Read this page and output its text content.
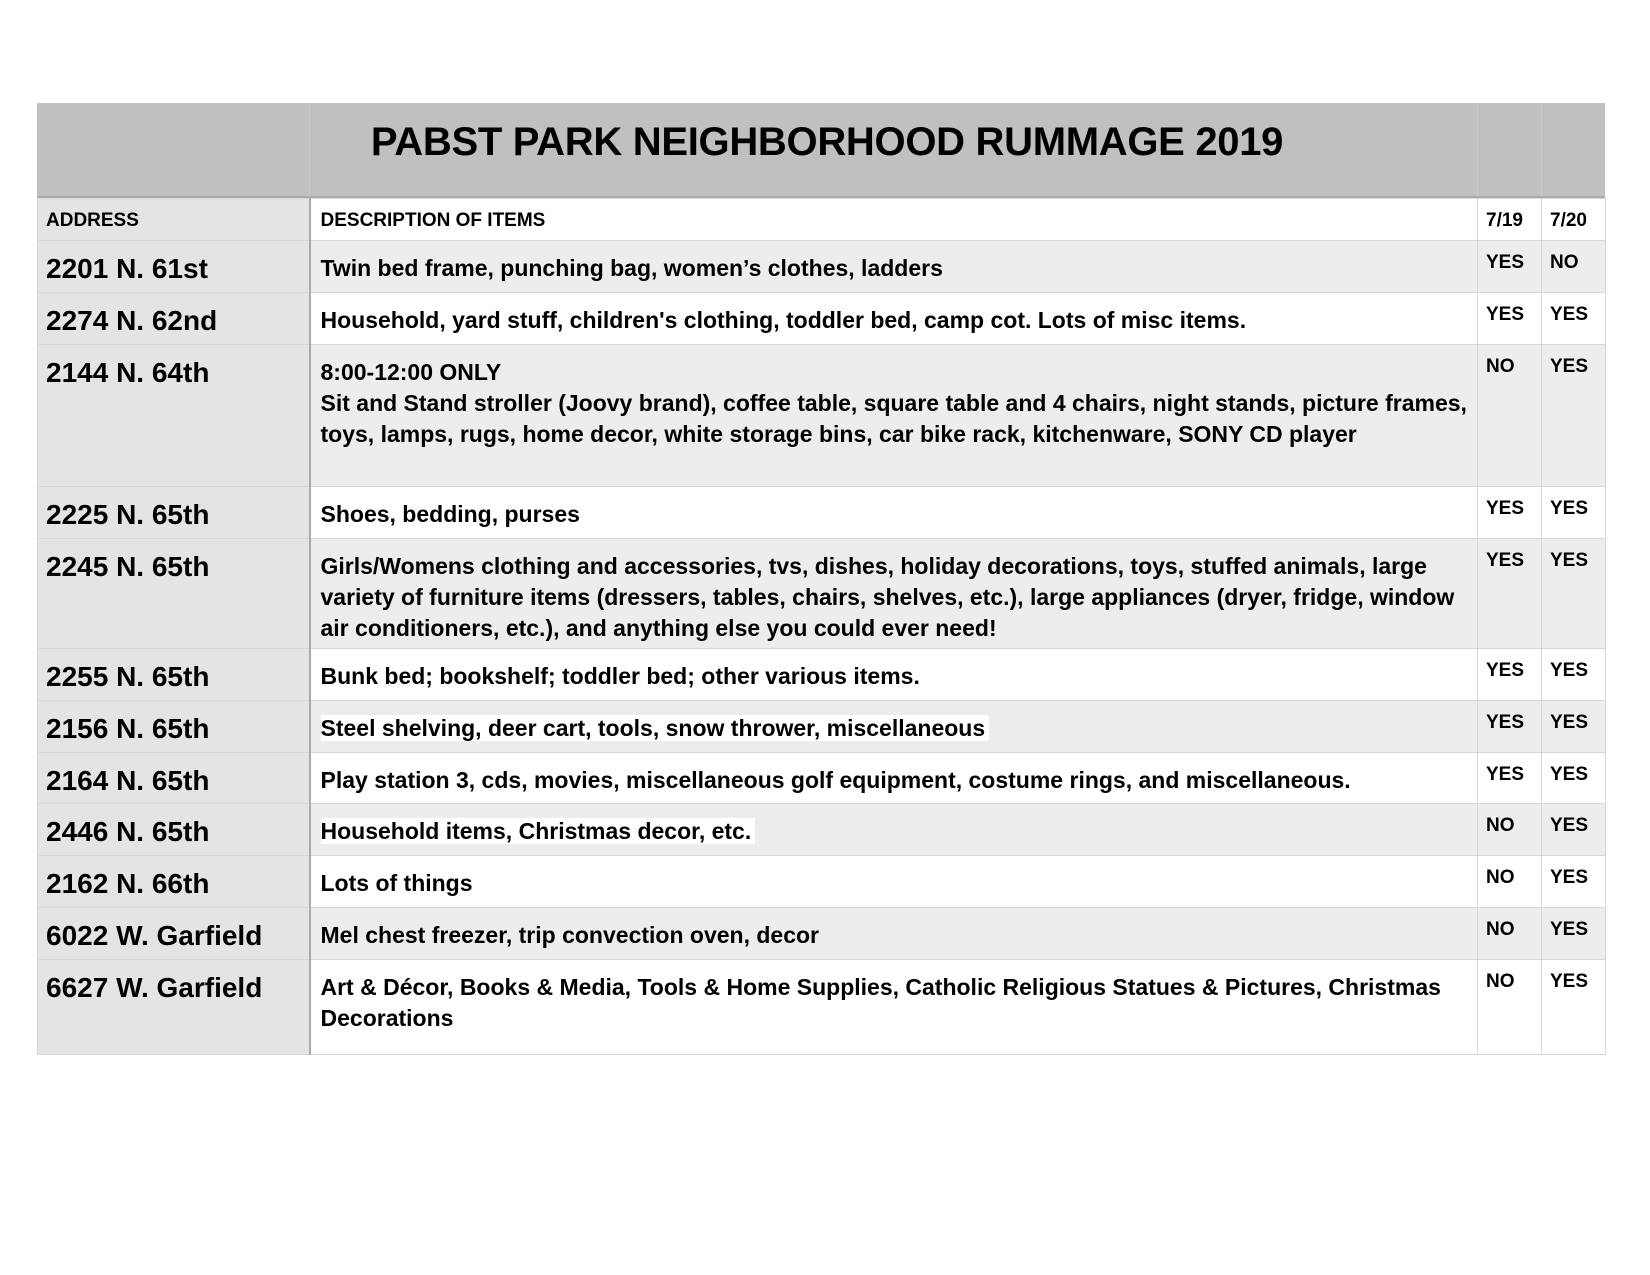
PABST PARK NEIGHBORHOOD RUMMAGE 2019
ADDRESS	DESCRIPTION OF ITEMS	7/19	7/20
2201 N. 61st	Twin bed frame, punching bag, women’s clothes, ladders	YES	NO
2274 N. 62nd	Household, yard stuff, children's clothing, toddler bed, camp cot. Lots of misc items.	YES	YES
2144 N. 64th	8:00-12:00 ONLY
Sit and Stand stroller (Joovy brand), coffee table, square table and 4 chairs, night stands, picture frames, toys, lamps, rugs, home decor, white storage bins, car bike rack, kitchenware, SONY CD player	NO	YES
2225 N. 65th	Shoes, bedding, purses	YES	YES
2245 N. 65th	Girls/Womens clothing and accessories, tvs, dishes, holiday decorations, toys, stuffed animals, large variety of furniture items (dressers, tables, chairs, shelves, etc.), large appliances (dryer, fridge, window air conditioners, etc.), and anything else you could ever need!	YES	YES
2255 N. 65th	Bunk bed; bookshelf; toddler bed; other various items.	YES	YES
2156 N. 65th	Steel shelving, deer cart, tools, snow thrower, miscellaneous	YES	YES
2164 N. 65th	Play station 3, cds, movies, miscellaneous golf equipment, costume rings, and miscellaneous.	YES	YES
2446 N. 65th	Household items, Christmas decor, etc.	NO	YES
2162 N. 66th	Lots of things	NO	YES
6022 W. Garfield	Mel chest freezer, trip convection oven, decor	NO	YES
6627 W. Garfield	Art & Décor, Books & Media, Tools & Home Supplies, Catholic Religious Statues & Pictures, Christmas Decorations	NO	YES
